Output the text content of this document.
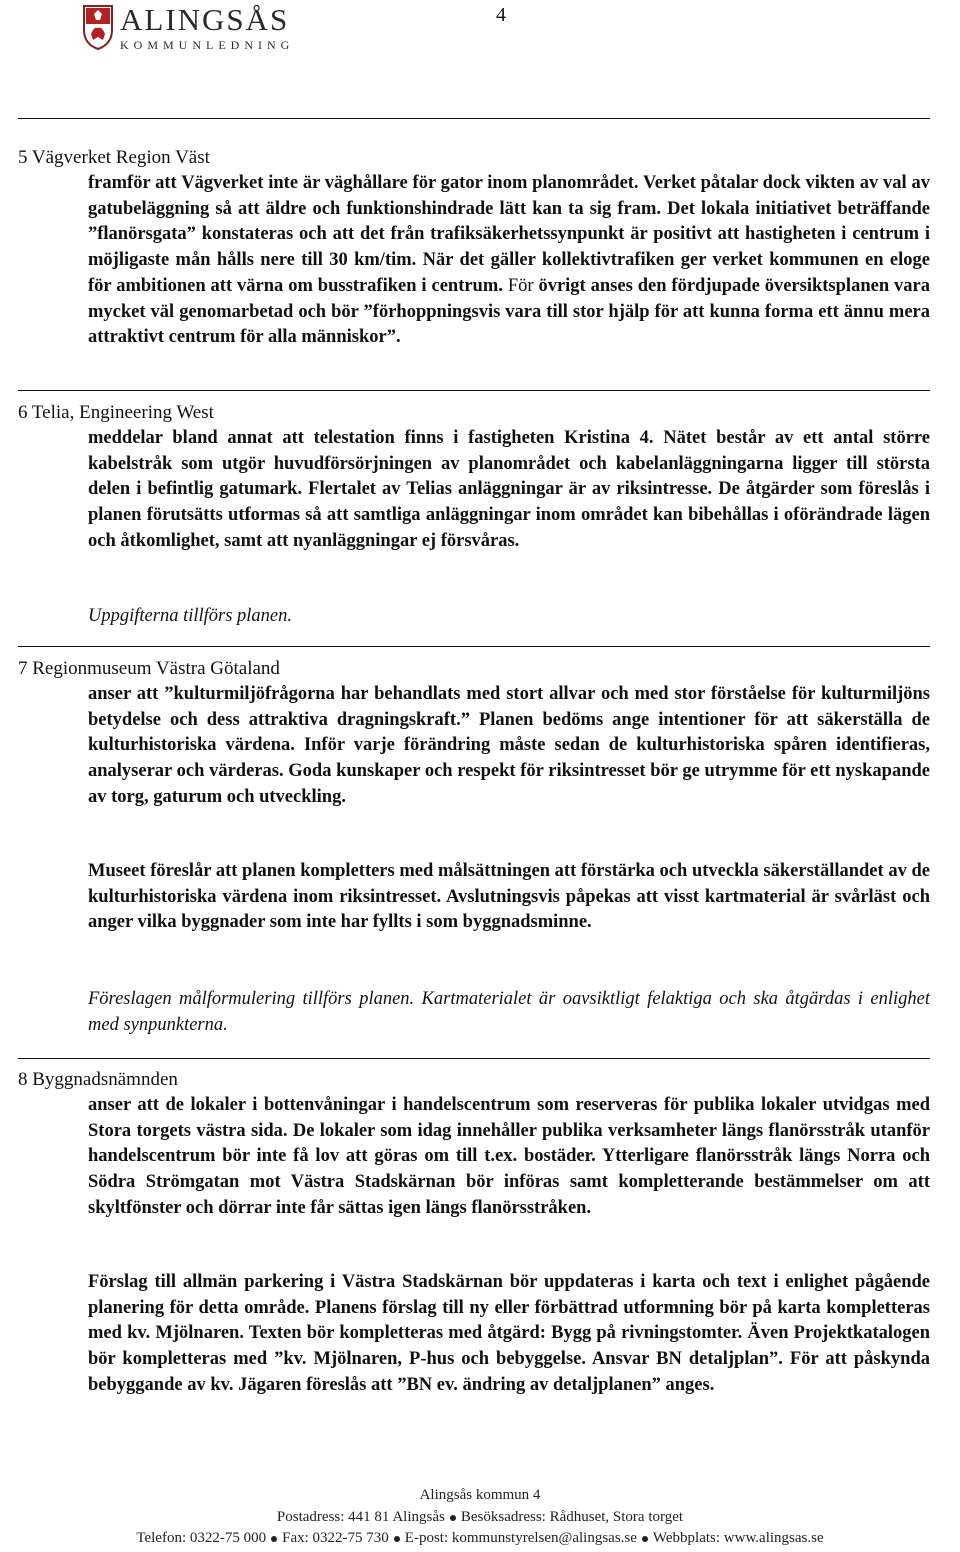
ALINGSÅS
KOMMUNLEDNING
4
5 Vägverket Region Väst

framför att Vägverket inte är väghållare för gator inom planområdet. Verket påtalar dock vikten av val av gatubeläggning så att äldre och funktionshindrade lätt kan ta sig fram. Det lokala initiativet beträffande ”flanörsgata” konstateras och att det från trafiksäkerhetssynpunkt är positivt att hastigheten i centrum i möjligaste mån hålls nere till 30 km/tim. När det gäller kollektivtrafiken ger verket kommunen en eloge för ambitionen att värna om busstrafiken i centrum. För övrigt anses den fördjupade översiktsplanen vara mycket väl genomarbetad och bör ”förhoppningsvis vara till stor hjälp för att kunna forma ett ännu mera attraktivt centrum för alla människor”.

6 Telia, Engineering West

meddelar bland annat att telestation finns i fastigheten Kristina 4. Nätet består av ett antal större kabelstråk som utgör huvudförsörjningen av planområdet och kabelanläggningarna ligger till största delen i befintlig gatumark. Flertalet av Telias anläggningar är av riksintresse. De åtgärder som föreslås i planen förutsätts utformas så att samtliga anläggningar inom området kan bibehållas i oförändrade lägen och åtkomlighet, samt att nyanläggningar ej försvåras.

Uppgifterna tillförs planen.

7 Regionmuseum Västra Götaland

anser att ”kulturmiljöfrågorna har behandlats med stort allvar och med stor förståelse för kulturmiljöns betydelse och dess attraktiva dragningskraft.” Planen bedöms ange intentioner för att säkerställa de kulturhistoriska värdena. Inför varje förändring måste sedan de kulturhistoriska spåren identifieras, analyserar och värderas. Goda kunskaper och respekt för riksintresset bör ge utrymme för ett nyskapande av torg, gaturum och utveckling.

Museet föreslår att planen kompletters med målsättningen att förstärka och utveckla säkerställandet av de kulturhistoriska värdena inom riksintresset. Avslutningsvis påpekas att visst kartmaterial är svårläst och anger vilka byggnader som inte har fyllts i som byggnadsminne.

Föreslagen målformulering tillförs planen. Kartmaterialet är oavsiktligt felaktiga och ska åtgärdas i enlighet med synpunkterna.

8 Byggnadsnämnden

anser att de lokaler i bottenvåningar i handelscentrum som reserveras för publika lokaler utvidgas med Stora torgets västra sida. De lokaler som idag innehåller publika verksamheter längs flanörsstråk utanför handelscentrum bör inte få lov att göras om till t.ex. bostäder. Ytterligare flanörsstråk längs Norra och Södra Strömgatan mot Västra Stadskärnan bör införas samt kompletterande bestämmelser om att skyltfönster och dörrar inte får sättas igen längs flanörsstråken.

Förslag till allmän parkering i Västra Stadskärnan bör uppdateras i karta och text i enlighet pågående planering för detta område. Planens förslag till ny eller förbättrad utformning bör på karta kompletteras med kv. Mjölnaren. Texten bör kompletteras med åtgärd: Bygg på rivningstomter. Även Projektkatalogen bör kompletteras med ”kv. Mjölnaren, P-hus och bebyggelse. Ansvar BN detaljplan”. För att påskynda bebyggande av kv. Jägaren föreslås att ”BN ev. ändring av detaljplanen” anges.

Alingsås kommun 4
Postadress: 441 81 Alingsås Besöksadress: Rådhuset, Stora torget
Telefon: 0322-75 000 Fax: 0322-75 730 E-post: kommunstyrelsen@alingsas.se Webbplats: www.alingsas.se
